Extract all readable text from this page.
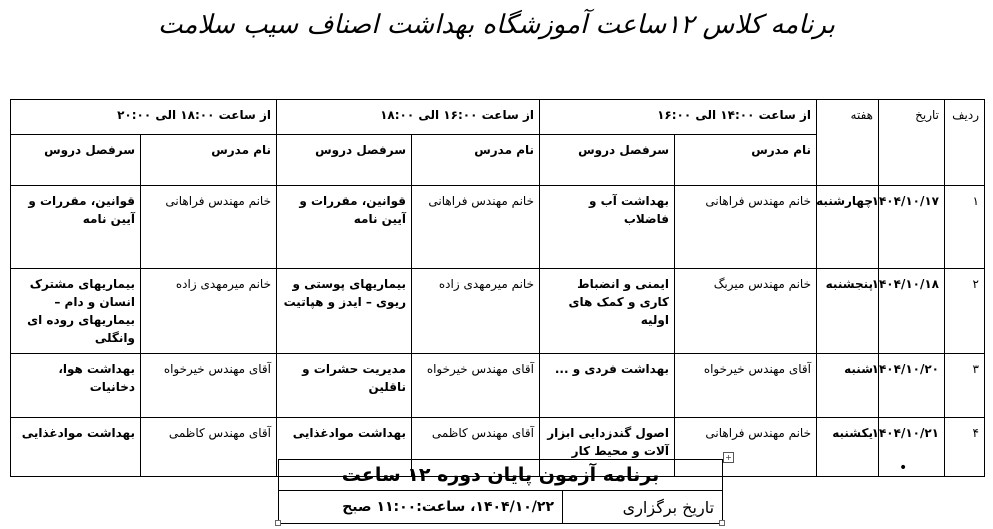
برنامه کلاس ۱۲ساعت آموزشگاه بهداشت اصناف سیب سلامت
ردیف	تاریخ	هفته	از ساعت ۱۴:۰۰ الی ۱۶:۰۰		از ساعت ۱۶:۰۰ الی ۱۸:۰۰		از ساعت ۱۸:۰۰ الی ۲۰:۰۰	
			نام مدرس	سرفصل دروس	نام مدرس	سرفصل دروس	نام مدرس	سرفصل دروس
۱	۱۴۰۴/۱۰/۱۷	چهارشنبه	خانم مهندس فراهانی	بهداشت آب و فاضلاب	خانم مهندس فراهانی	قوانین، مقررات و آیین نامه	خانم مهندس فراهانی	قوانین، مقررات و آیین نامه
۲	۱۴۰۴/۱۰/۱۸	پنجشنبه	خانم مهندس میربگ	ایمنی و انضباط کاری و کمک های اولیه	خانم میرمهدی زاده	بیماریهای پوستی و ریوی – ایدز و هپاتیت	خانم میرمهدی زاده	بیماریهای مشترک انسان و دام –
بیماریهای روده ای وانگلی

۳	۱۴۰۴/۱۰/۲۰	شنبه	آقای مهندس خیرخواه	بهداشت فردی و ...	آقای مهندس خیرخواه	مدیریت حشرات و ناقلین	آقای مهندس خیرخواه	بهداشت هوا، دخانیات
۴	۱۴۰۴/۱۰/۲۱	یکشنبه	خانم مهندس فراهانی	اصول گندزدایی ابزار آلات و محیط کار	آقای مهندس کاظمی	بهداشت موادغذایی	آقای مهندس کاظمی	بهداشت موادغذایی
+
•
برنامه آزمون پایان دوره ۱۲ ساعت
تاریخ برگزاری	۱۴۰۴/۱۰/۲۲، ساعت:۱۱:۰۰ صبح
